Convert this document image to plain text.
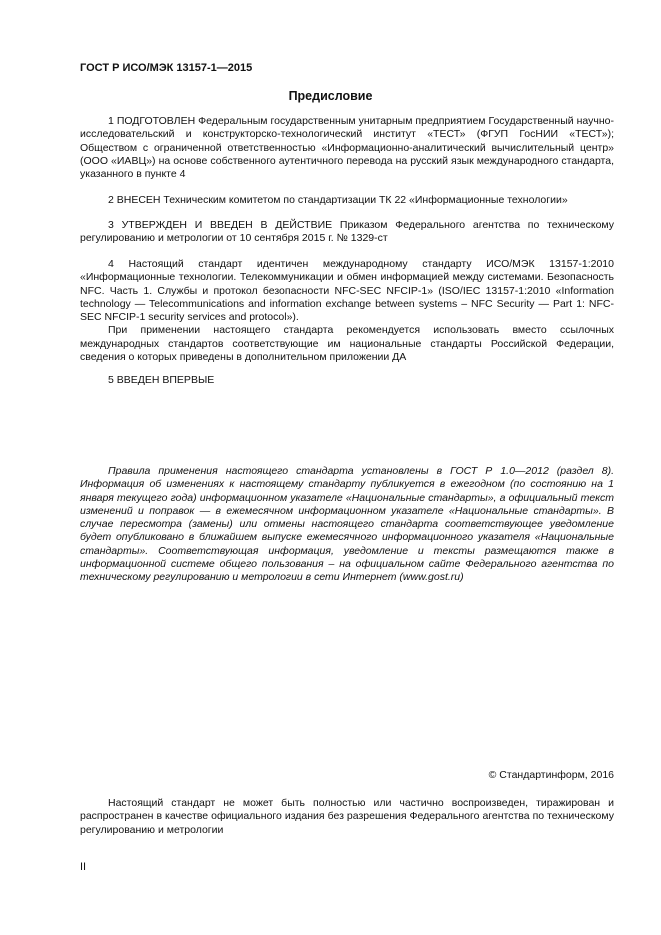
ГОСТ Р ИСО/МЭК 13157-1—2015
Предисловие

1 ПОДГОТОВЛЕН Федеральным государственным унитарным предприятием Государственный научно-исследовательский и конструкторско-технологический институт «ТЕСТ» (ФГУП ГосНИИ «ТЕСТ»); Обществом с ограниченной ответственностью «Информационно-аналитический вычислительный центр» (ООО «ИАВЦ») на основе собственного аутентичного перевода на русский язык международного стандарта, указанного в пункте 4

2 ВНЕСЕН Техническим комитетом по стандартизации ТК 22 «Информационные технологии»

3 УТВЕРЖДЕН И ВВЕДЕН В ДЕЙСТВИЕ Приказом Федерального агентства по техническому регулированию и метрологии от 10 сентября 2015 г. № 1329-ст

4 Настоящий стандарт идентичен международному стандарту ИСО/МЭК 13157-1:2010 «Информационные технологии. Телекоммуникации и обмен информацией между системами. Безопасность NFC. Часть 1. Службы и протокол безопасности NFC-SEC NFCIP-1» (ISO/IEC 13157-1:2010 «Information technology — Telecommunications and information exchange between systems – NFC Security — Part 1: NFC-SEC NFCIP-1 security services and protocol»).

При применении настоящего стандарта рекомендуется использовать вместо ссылочных международных стандартов соответствующие им национальные стандарты Российской Федерации, сведения о которых приведены в дополнительном приложении ДА

5 ВВЕДЕН ВПЕРВЫЕ

Правила применения настоящего стандарта установлены в ГОСТ Р 1.0—2012 (раздел 8). Информация об изменениях к настоящему стандарту публикуется в ежегодном (по состоянию на 1 января текущего года) информационном указателе «Национальные стандарты», а официальный текст изменений и поправок — в ежемесячном информационном указателе «Национальные стандарты». В случае пересмотра (замены) или отмены настоящего стандарта соответствующее уведомление будет опубликовано в ближайшем выпуске ежемесячного информационного указателя «Национальные стандарты». Соответствующая информация, уведомление и тексты размещаются также в информационной системе общего пользования – на официальном сайте Федерального агентства по техническому регулированию и метрологии в сети Интернет (www.gost.ru)

© Стандартинформ, 2016

Настоящий стандарт не может быть полностью или частично воспроизведен, тиражирован и распространен в качестве официального издания без разрешения Федерального агентства по техническому регулированию и метрологии

II
